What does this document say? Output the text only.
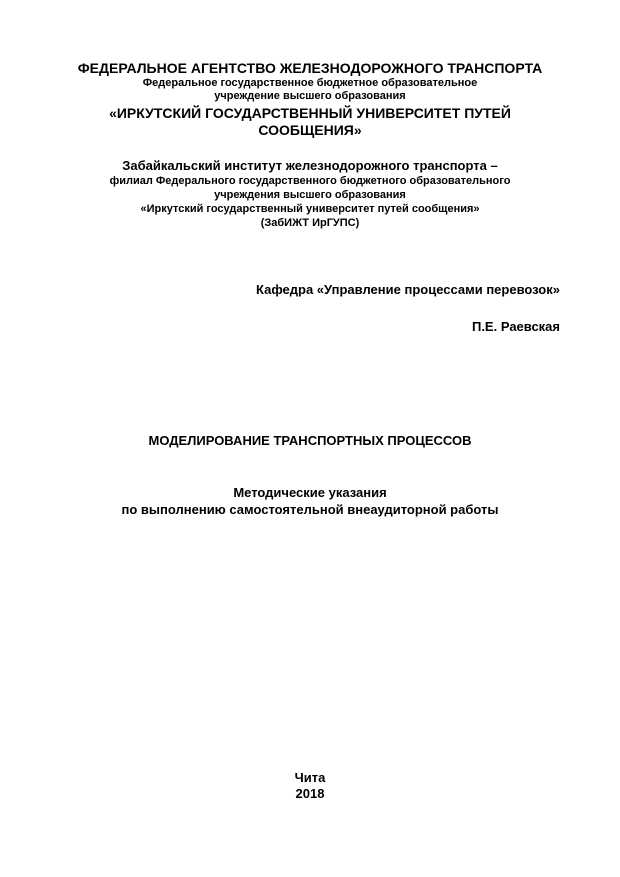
ФЕДЕРАЛЬНОЕ АГЕНТСТВО ЖЕЛЕЗНОДОРОЖНОГО ТРАНСПОРТА
Федеральное государственное бюджетное образовательное
учреждение высшего образования
«ИРКУТСКИЙ ГОСУДАРСТВЕННЫЙ УНИВЕРСИТЕТ ПУТЕЙ
СООБЩЕНИЯ»
Забайкальский институт железнодорожного транспорта –
филиал Федерального государственного бюджетного образовательного
учреждения высшего образования
«Иркутский государственный университет путей сообщения»
(ЗабИЖТ ИрГУПС)
Кафедра «Управление процессами перевозок»
П.Е. Раевская
МОДЕЛИРОВАНИЕ ТРАНСПОРТНЫХ ПРОЦЕССОВ
Методические указания
по выполнению самостоятельной внеаудиторной работы
Чита
2018
